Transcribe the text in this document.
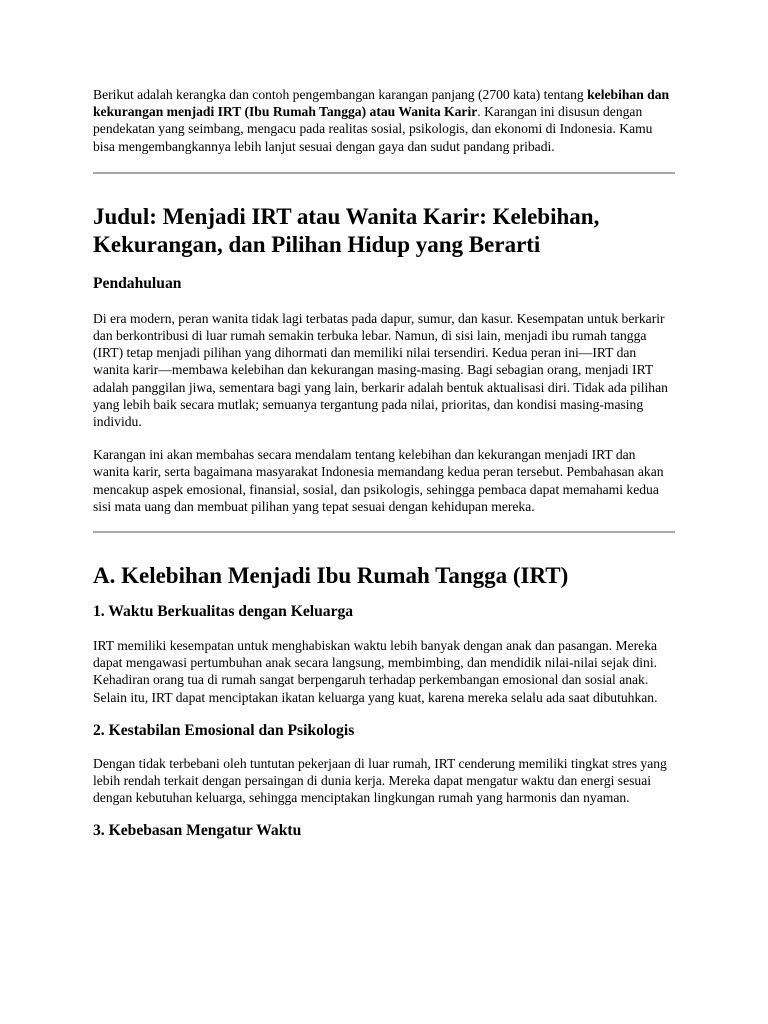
Berikut adalah kerangka dan contoh pengembangan karangan panjang (2700 kata) tentang kelebihan dan kekurangan menjadi IRT (Ibu Rumah Tangga) atau Wanita Karir. Karangan ini disusun dengan pendekatan yang seimbang, mengacu pada realitas sosial, psikologis, dan ekonomi di Indonesia. Kamu bisa mengembangkannya lebih lanjut sesuai dengan gaya dan sudut pandang pribadi.

Judul: Menjadi IRT atau Wanita Karir: Kelebihan, Kekurangan, dan Pilihan Hidup yang Berarti
Pendahuluan

Di era modern, peran wanita tidak lagi terbatas pada dapur, sumur, dan kasur. Kesempatan untuk berkarir dan berkontribusi di luar rumah semakin terbuka lebar. Namun, di sisi lain, menjadi ibu rumah tangga (IRT) tetap menjadi pilihan yang dihormati dan memiliki nilai tersendiri. Kedua peran ini—IRT dan wanita karir—membawa kelebihan dan kekurangan masing-masing. Bagi sebagian orang, menjadi IRT adalah panggilan jiwa, sementara bagi yang lain, berkarir adalah bentuk aktualisasi diri. Tidak ada pilihan yang lebih baik secara mutlak; semuanya tergantung pada nilai, prioritas, dan kondisi masing-masing individu.

Karangan ini akan membahas secara mendalam tentang kelebihan dan kekurangan menjadi IRT dan wanita karir, serta bagaimana masyarakat Indonesia memandang kedua peran tersebut. Pembahasan akan mencakup aspek emosional, finansial, sosial, dan psikologis, sehingga pembaca dapat memahami kedua sisi mata uang dan membuat pilihan yang tepat sesuai dengan kehidupan mereka.

A. Kelebihan Menjadi Ibu Rumah Tangga (IRT)
1. Waktu Berkualitas dengan Keluarga

IRT memiliki kesempatan untuk menghabiskan waktu lebih banyak dengan anak dan pasangan. Mereka dapat mengawasi pertumbuhan anak secara langsung, membimbing, dan mendidik nilai-nilai sejak dini. Kehadiran orang tua di rumah sangat berpengaruh terhadap perkembangan emosional dan sosial anak. Selain itu, IRT dapat menciptakan ikatan keluarga yang kuat, karena mereka selalu ada saat dibutuhkan.

2. Kestabilan Emosional dan Psikologis

Dengan tidak terbebani oleh tuntutan pekerjaan di luar rumah, IRT cenderung memiliki tingkat stres yang lebih rendah terkait dengan persaingan di dunia kerja. Mereka dapat mengatur waktu dan energi sesuai dengan kebutuhan keluarga, sehingga menciptakan lingkungan rumah yang harmonis dan nyaman.

3. Kebebasan Mengatur Waktu
